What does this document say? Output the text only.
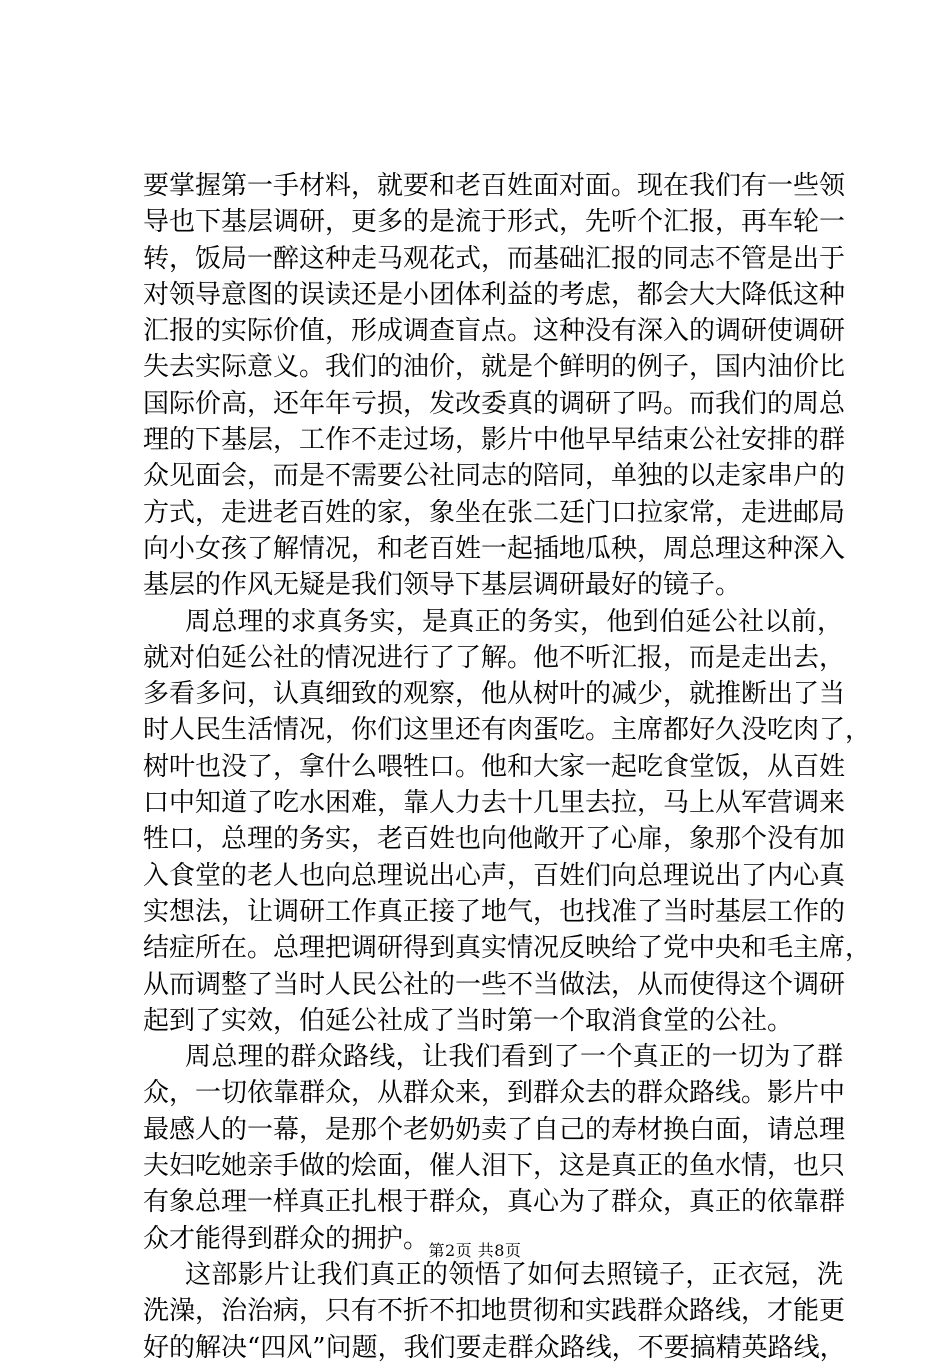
要掌握第一手材料，就要和老百姓面对面。现在我们有一些领
导也下基层调研，更多的是流于形式，先听个汇报，再车轮一
转，饭局一醉这种走马观花式，而基础汇报的同志不管是出于
对领导意图的误读还是小团体利益的考虑，都会大大降低这种
汇报的实际价值，形成调查盲点。这种没有深入的调研使调研
失去实际意义。我们的油价，就是个鲜明的例子，国内油价比
国际价高，还年年亏损，发改委真的调研了吗。而我们的周总
理的下基层，工作不走过场，影片中他早早结束公社安排的群
众见面会，而是不需要公社同志的陪同，单独的以走家串户的
方式，走进老百姓的家，象坐在张二廷门口拉家常，走进邮局
向小女孩了解情况，和老百姓一起插地瓜秧，周总理这种深入
基层的作风无疑是我们领导下基层调研最好的镜子。
周总理的求真务实，是真正的务实，他到伯延公社以前，
就对伯延公社的情况进行了了解。他不听汇报，而是走出去，
多看多问，认真细致的观察，他从树叶的减少，就推断出了当
时人民生活情况，你们这里还有肉蛋吃。主席都好久没吃肉了，
树叶也没了，拿什么喂牲口。他和大家一起吃食堂饭，从百姓
口中知道了吃水困难，靠人力去十几里去拉，马上从军营调来
牲口，总理的务实，老百姓也向他敞开了心扉，象那个没有加
入食堂的老人也向总理说出心声，百姓们向总理说出了内心真
实想法，让调研工作真正接了地气，也找准了当时基层工作的
结症所在。总理把调研得到真实情况反映给了党中央和毛主席，
从而调整了当时人民公社的一些不当做法，从而使得这个调研
起到了实效，伯延公社成了当时第一个取消食堂的公社。
周总理的群众路线，让我们看到了一个真正的一切为了群
众，一切依靠群众，从群众来，到群众去的群众路线。影片中
最感人的一幕，是那个老奶奶卖了自己的寿材换白面，请总理
夫妇吃她亲手做的烩面，催人泪下，这是真正的鱼水情，也只
有象总理一样真正扎根于群众，真心为了群众，真正的依靠群
众才能得到群众的拥护。
这部影片让我们真正的领悟了如何去照镜子，正衣冠，洗
洗澡，治治病，只有不折不扣地贯彻和实践群众路线，才能更
好的解决“四风”问题，我们要走群众路线，不要搞精英路线，
第2页 共8页
